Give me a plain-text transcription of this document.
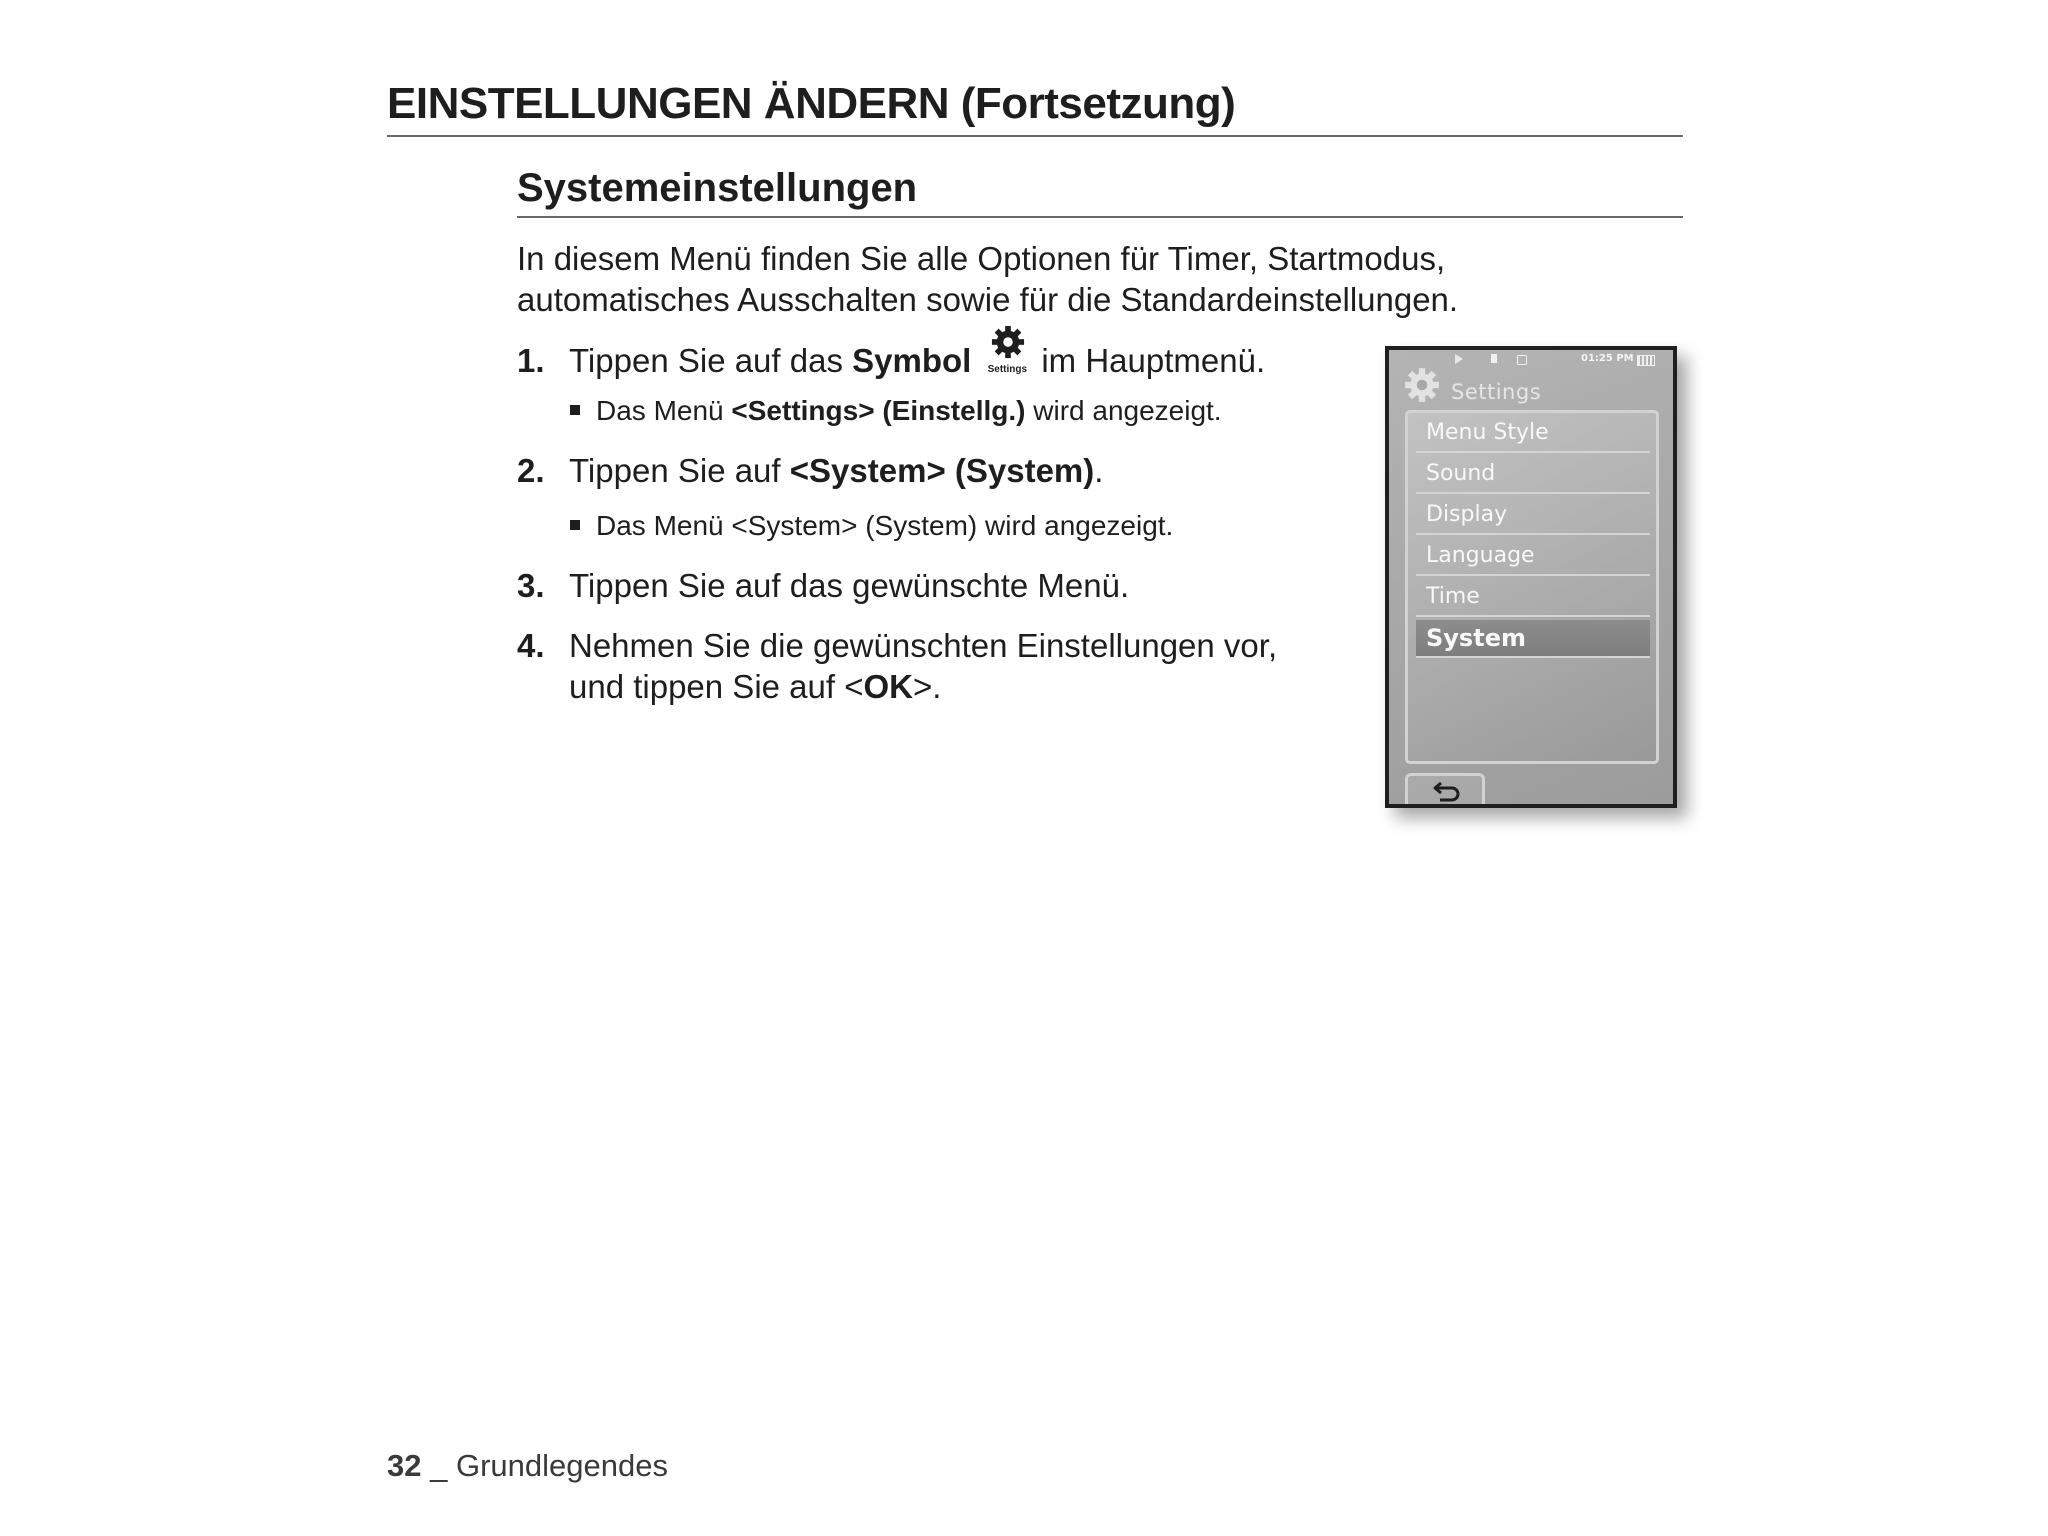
EINSTELLUNGEN ÄNDERN (Fortsetzung)
Systemeinstellungen
In diesem Menü finden Sie alle Optionen für Timer, Startmodus,
automatisches Ausschalten sowie für die Standardeinstellungen.
1. Tippen Sie auf das Symbol	Settings im Hauptmenü.
Das Menü <Settings> (Einstellg.) wird angezeigt.
2. Tippen Sie auf <System> (System).
Das Menü <System> (System) wird angezeigt.
3. Tippen Sie auf das gewünschte Menü.
4. Nehmen Sie die gewünschten Einstellungen vor,
und tippen Sie auf <OK>.
01:25 PM
Settings
Menu Style
Sound
Display
Language
Time
System
32 _ Grundlegendes
